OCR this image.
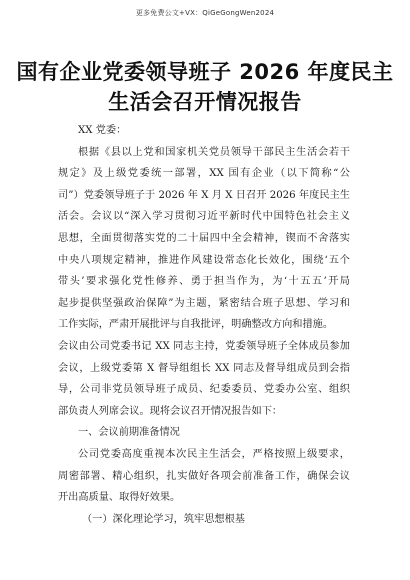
更多免费公文+VX：QiGeGongWen2024
国有企业党委领导班子 2026 年度民主
生活会召开情况报告
XX 党委：
根据《县以上党和国家机关党员领导干部民主生活会若干
规定》及上级党委统一部署，XX 国有企业（以下简称“公
司”）党委领导班子于 2026 年 X 月 X 日召开 2026 年度民主生
活会。会议以“深入学习贯彻习近平新时代中国特色社会主义
思想，全面贯彻落实党的二十届四中全会精神，锲而不舍落实
中央八项规定精神，推进作风建设常态化长效化，围绕‘五个
带头’要求强化党性修养、勇于担当作为，为‘十五五’开局
起步提供坚强政治保障”为主题，紧密结合班子思想、学习和
工作实际，严肃开展批评与自我批评，明确整改方向和措施。
会议由公司党委书记 XX 同志主持，党委领导班子全体成员参加
会议，上级党委第 X 督导组组长 XX 同志及督导组成员到会指
导，公司非党员领导班子成员、纪委委员、党委办公室、组织
部负责人列席会议。现将会议召开情况报告如下：
一、会议前期准备情况
公司党委高度重视本次民主生活会，严格按照上级要求，
周密部署、精心组织，扎实做好各项会前准备工作，确保会议
开出高质量、取得好效果。
（一）深化理论学习，筑牢思想根基
